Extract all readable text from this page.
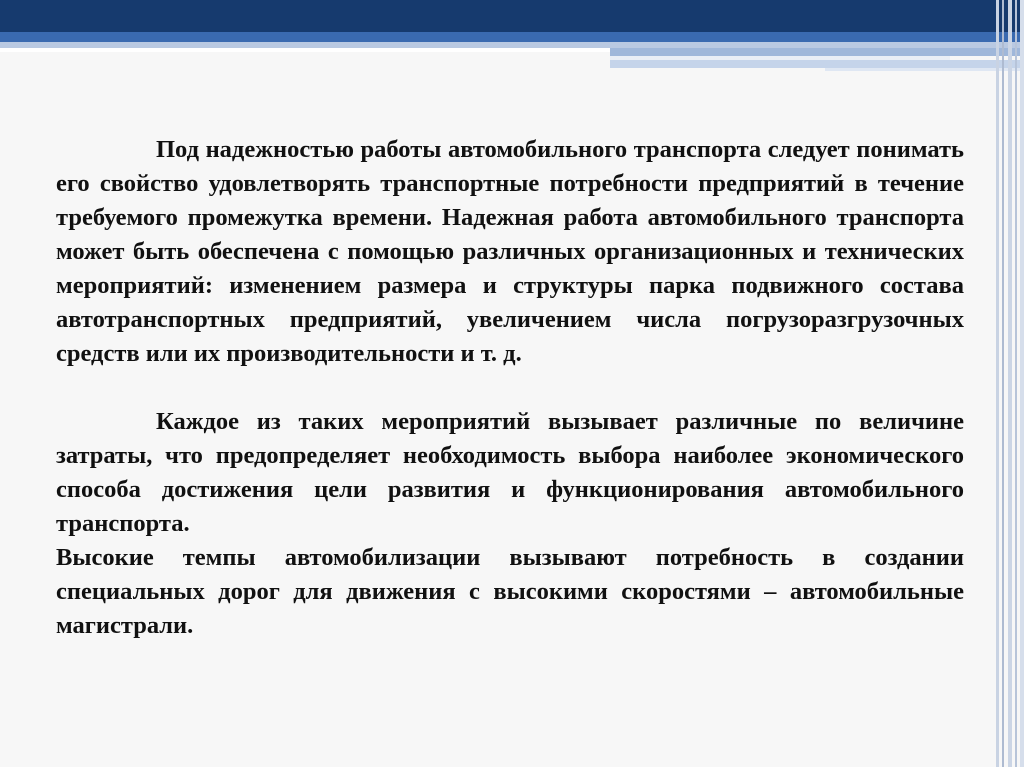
Под надежностью работы автомобильного транспорта следует понимать его свойство удовлетворять транспортные потребности предприятий в течение требуемого промежутка времени. Надежная работа автомобильного транспорта может быть обеспечена с помощью различных организационных и технических мероприятий: изменением размера и структуры парка подвижного состава автотранспортных предприятий, увеличением числа погрузоразгрузочных средств или их производительности и т. д.

Каждое из таких мероприятий вызывает различные по величине затраты, что предопределяет необходимость выбора наиболее экономического способа достижения цели развития и функционирования автомобильного транспорта.

Высокие темпы автомобилизации вызывают потребность в создании специальных дорог для движения с высокими скоростями – автомобильные магистрали.
